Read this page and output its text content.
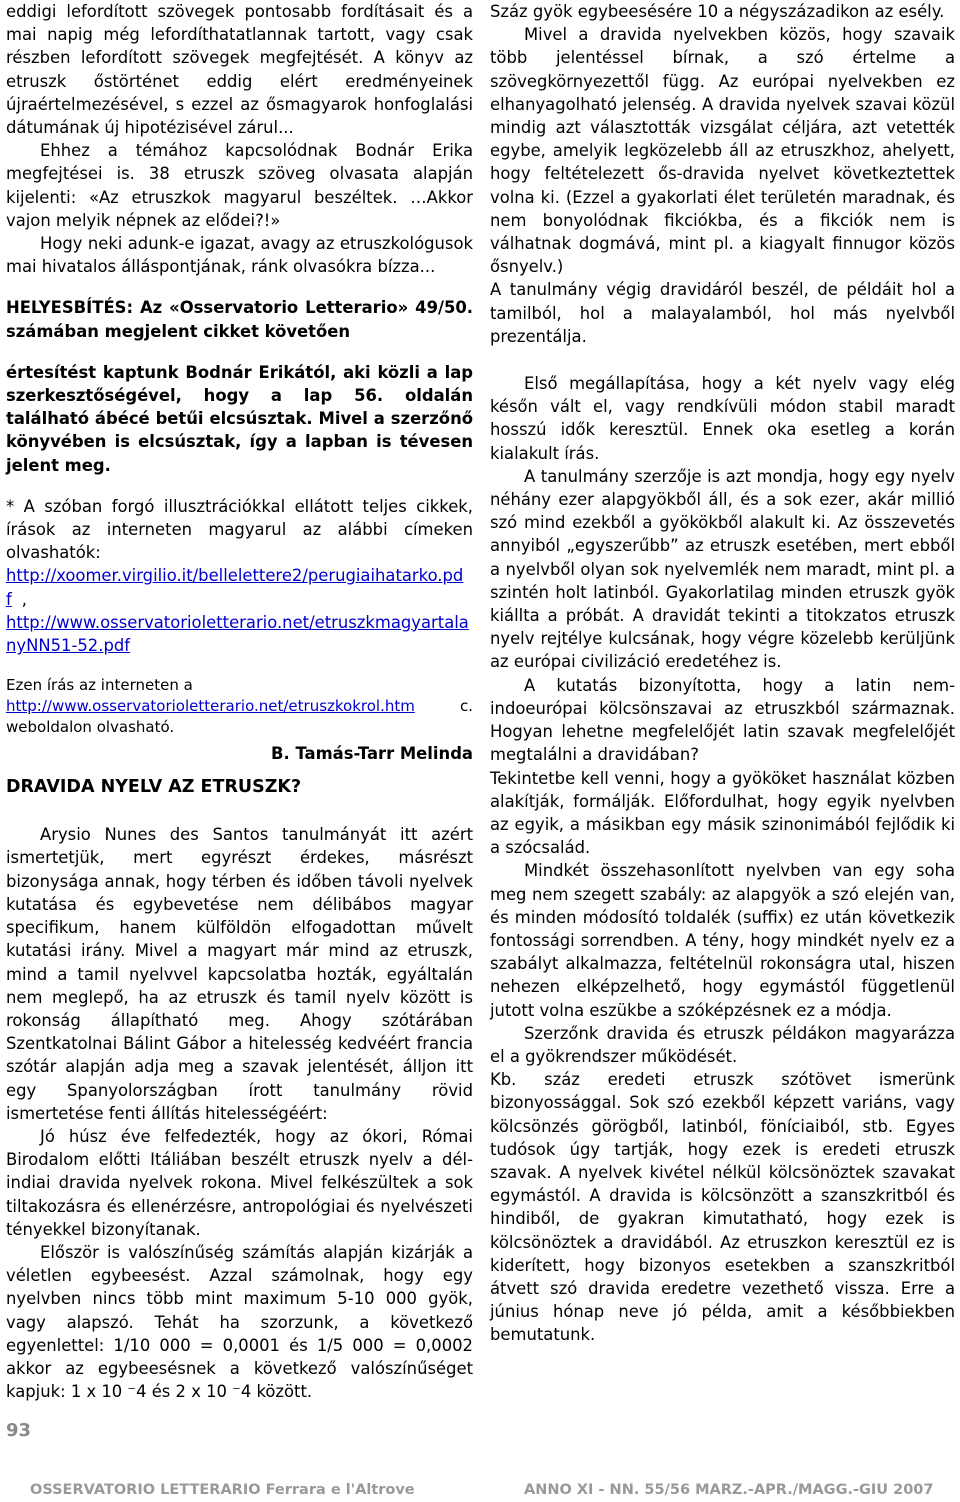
eddigi lefordított szövegek pontosabb fordításait és a mai napig még lefordíthatatlannak tartott, vagy csak részben lefordított szövegek megfejtését. A könyv az etruszk őstörténet eddig elért eredményeinek újraértelmezésével, s ezzel az ősmagyarok honfoglalási dátumának új hipotézisével zárul...

Ehhez a témához kapcsolódnak Bodnár Erika megfejtései is. 38 etruszk szöveg olvasata alapján kijelenti: «Az etruszkok magyarul beszéltek. …Akkor vajon melyik népnek az elődei?!»

Hogy neki adunk-e igazat, avagy az etruszkológusok mai hivatalos álláspontjának, ránk olvasókra bízza...

HELYESBÍTÉS: Az «Osservatorio Letterario» 49/50. számában megjelent cikket követően

értesítést kaptunk Bodnár Erikától, aki közli a lap szerkesztőségével, hogy a lap 56. oldalán található ábécé betűi elcsúsztak. Mivel a szerzőnő könyvében is elcsúsztak, így a lapban is tévesen jelent meg.

* A szóban forgó illusztrációkkal ellátott teljes cikkek, írások az interneten magyarul az alábbi címeken olvashatók:

http://xoomer.virgilio.it/bellelettere2/perugiaihatarko.pdf ,

http://www.osservatorioletterario.net/etruszkmagyartalanyNN51-52.pdf

Ezen írás az interneten a

http://www.osservatorioletterario.net/etruszkokrol.htm	c.

weboldalon olvasható.

B. Tamás-Tarr Melinda
DRAVIDA NYELV AZ ETRUSZK?

Arysio Nunes des Santos tanulmányát itt azért ismertetjük, mert egyrészt érdekes, másrészt bizonysága annak, hogy térben és időben távoli nyelvek kutatása és egybevetése nem délibábos magyar specifikum, hanem külföldön elfogadottan művelt kutatási irány. Mivel a magyart már mind az etruszk, mind a tamil nyelvvel kapcsolatba hozták, egyáltalán nem meglepő, ha az etruszk és tamil nyelv között is rokonság állapítható meg. Ahogy szótárában Szentkatolnai Bálint Gábor a hitelesség kedvéért francia szótár alapján adja meg a szavak jelentését, álljon itt egy Spanyolországban írott tanulmány rövid ismertetése fenti állítás hitelességéért:

Jó húsz éve felfedezték, hogy az ókori, Római Birodalom előtti Itáliában beszélt etruszk nyelv a dél-indiai dravida nyelvek rokona. Mivel felkészültek a sok tiltakozásra és ellenérzésre, antropológiai és nyelvészeti tényekkel bizonyítanak.

Először is valószínűség számítás alapján kizárják a véletlen egybeesést. Azzal számolnak, hogy egy nyelvben nincs több mint maximum 5-10 000 gyök, vagy alapszó. Tehát ha szorzunk, a következő egyenlettel: 1/10 000 = 0,0001 és 1/5 000 = 0,0002 akkor az egybeesésnek a következő valószínűséget kapjuk: 1 x 10 ⁻4 és 2 x 10 ⁻4 között.

Száz gyök egybeesésére 10 a négyszázadikon az esély.

Mivel a dravida nyelvekben közös, hogy szavaik több jelentéssel bírnak, a szó értelme a szövegkörnyezettől függ. Az európai nyelvekben ez elhanyagolható jelenség. A dravida nyelvek szavai közül mindig azt választották vizsgálat céljára, azt vetették egybe, amelyik legközelebb áll az etruszkhoz, ahelyett, hogy feltételezett ős-dravida nyelvet következtettek volna ki. (Ezzel a gyakorlati élet területén maradnak, és nem bonyolódnak fikciókba, és a fikciók nem is válhatnak dogmává, mint pl. a kiagyalt finnugor közös ősnyelv.)

A tanulmány végig dravidáról beszél, de példáit hol a tamilból, hol a malayalamból, hol más nyelvből prezentálja.

Első megállapítása, hogy a két nyelv vagy elég későn vált el, vagy rendkívüli módon stabil maradt hosszú idők keresztül. Ennek oka esetleg a korán kialakult írás.

A tanulmány szerzője is azt mondja, hogy egy nyelv néhány ezer alapgyökből áll, és a sok ezer, akár millió szó mind ezekből a gyökökből alakult ki. Az összevetés annyiból „egyszerűbb” az etruszk esetében, mert ebből a nyelvből olyan sok nyelvemlék nem maradt, mint pl. a szintén holt latinból. Gyakorlatilag minden etruszk gyök kiállta a próbát. A dravidát tekinti a titokzatos etruszk nyelv rejtélye kulcsának, hogy végre közelebb kerüljünk az európai civilizáció eredetéhez is.

A kutatás bizonyította, hogy a latin nem-indoeurópai kölcsönszavai az etruszkból származnak. Hogyan lehetne megfelelőjét latin szavak megfelelőjét megtalálni a dravidában?

Tekintetbe kell venni, hogy a gyököket használat közben alakítják, formálják. Előfordulhat, hogy egyik nyelvben az egyik, a másikban egy másik szinonimából fejlődik ki a szócsalád.

Mindkét összehasonlított nyelvben van egy soha meg nem szegett szabály: az alapgyök a szó elején van, és minden módosító toldalék (suffix) ez után következik fontossági sorrendben. A tény, hogy mindkét nyelv ez a szabályt alkalmazza, feltételnül rokonságra utal, hiszen nehezen elképzelhető, hogy egymástól függetlenül jutott volna eszükbe a szóképzésnek ez a módja.

Szerzőnk dravida és etruszk példákon magyarázza el a gyökrendszer működését.

Kb. száz eredeti etruszk szótövet ismerünk bizonyossággal. Sok szó ezekből képzett variáns, vagy kölcsönzés görögből, latinból, föníciaiból, stb. Egyes tudósok úgy tartják, hogy ezek is eredeti etruszk szavak. A nyelvek kivétel nélkül kölcsönöztek szavakat egymástól. A dravida is kölcsönzött a szanszkritból és hindiből, de gyakran kimutatható, hogy ezek is kölcsönöztek a dravidából. Az etruszkon keresztül ez is kiderített, hogy bizonyos esetekben a szanszkritból átvett szó dravida eredetre vezethető vissza. Erre a június hónap neve jó példa, amit a későbbiekben bemutatunk.

93
OSSERVATORIO LETTERARIO Ferrara e l'Altrove	ANNO XI - NN. 55/56 MARZ.-APR./MAGG.-GIU 2007
